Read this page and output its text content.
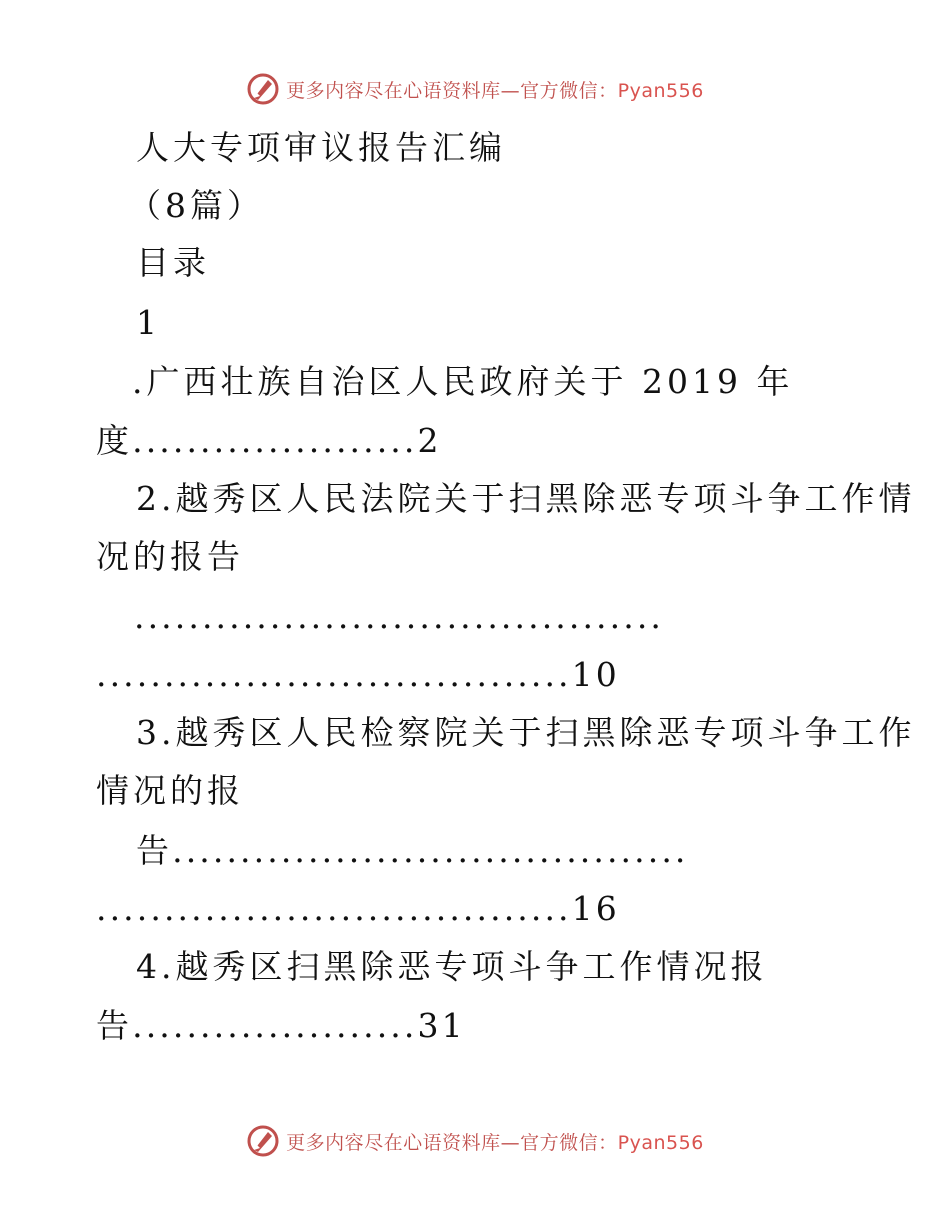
更多内容尽在心语资料库—官方微信：Pyan556
人大专项审议报告汇编
（8篇）
目录
1
.广西壮族自治区人民政府关于 2019 年
度.....................2
2.越秀区人民法院关于扫黑除恶专项斗争工作情
况的报告
.......................................
...................................10
3.越秀区人民检察院关于扫黑除恶专项斗争工作
情况的报
告......................................
...................................16
4.越秀区扫黑除恶专项斗争工作情况报
告.....................31
更多内容尽在心语资料库—官方微信：Pyan556
